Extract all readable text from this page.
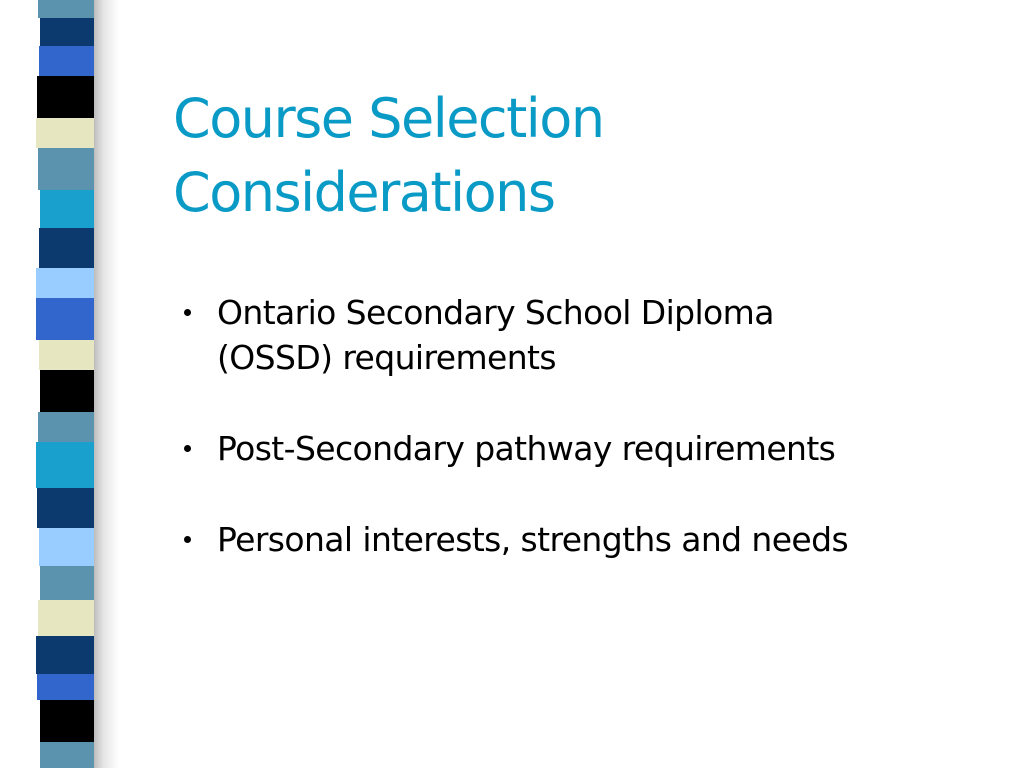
Course Selection
Considerations
Ontario Secondary School Diploma
(OSSD) requirements
Post-Secondary pathway requirements
Personal interests, strengths and needs
